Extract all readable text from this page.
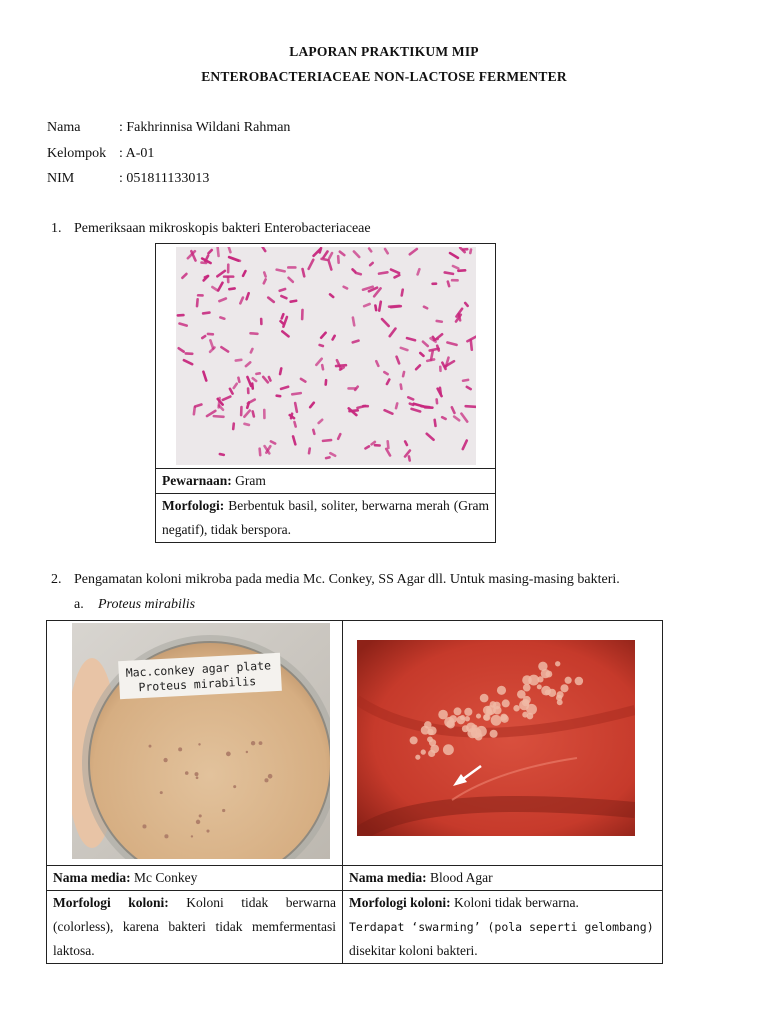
LAPORAN PRAKTIKUM MIP
ENTEROBACTERIACEAE NON-LACTOSE FERMENTER
Nama	: Fakhrinnisa Wildani Rahman
Kelompok : A-01
NIM	: 051811133013
1. Pemeriksaan mikroskopis bakteri Enterobacteriaceae

Pewarnaan: Gram
Morfologi: Berbentuk basil, soliter, berwarna merah (Gram negatif), tidak berspora.
2. Pengamatan koloni mikroba pada media Mc. Conkey, SS Agar dll. Untuk masing-masing bakteri.
a. Proteus mirabilis
Mac.conkey agar plate
Proteus mirabilis

Nama media: Mc Conkey	Nama media: Blood Agar
Morfologi koloni: Koloni tidak berwarna (colorless), karena bakteri tidak memfermentasi laktosa.	Morfologi koloni: Koloni tidak berwarna.
Terdapat ‘swarming’ (pola seperti gelombang)
disekitar koloni bakteri.
